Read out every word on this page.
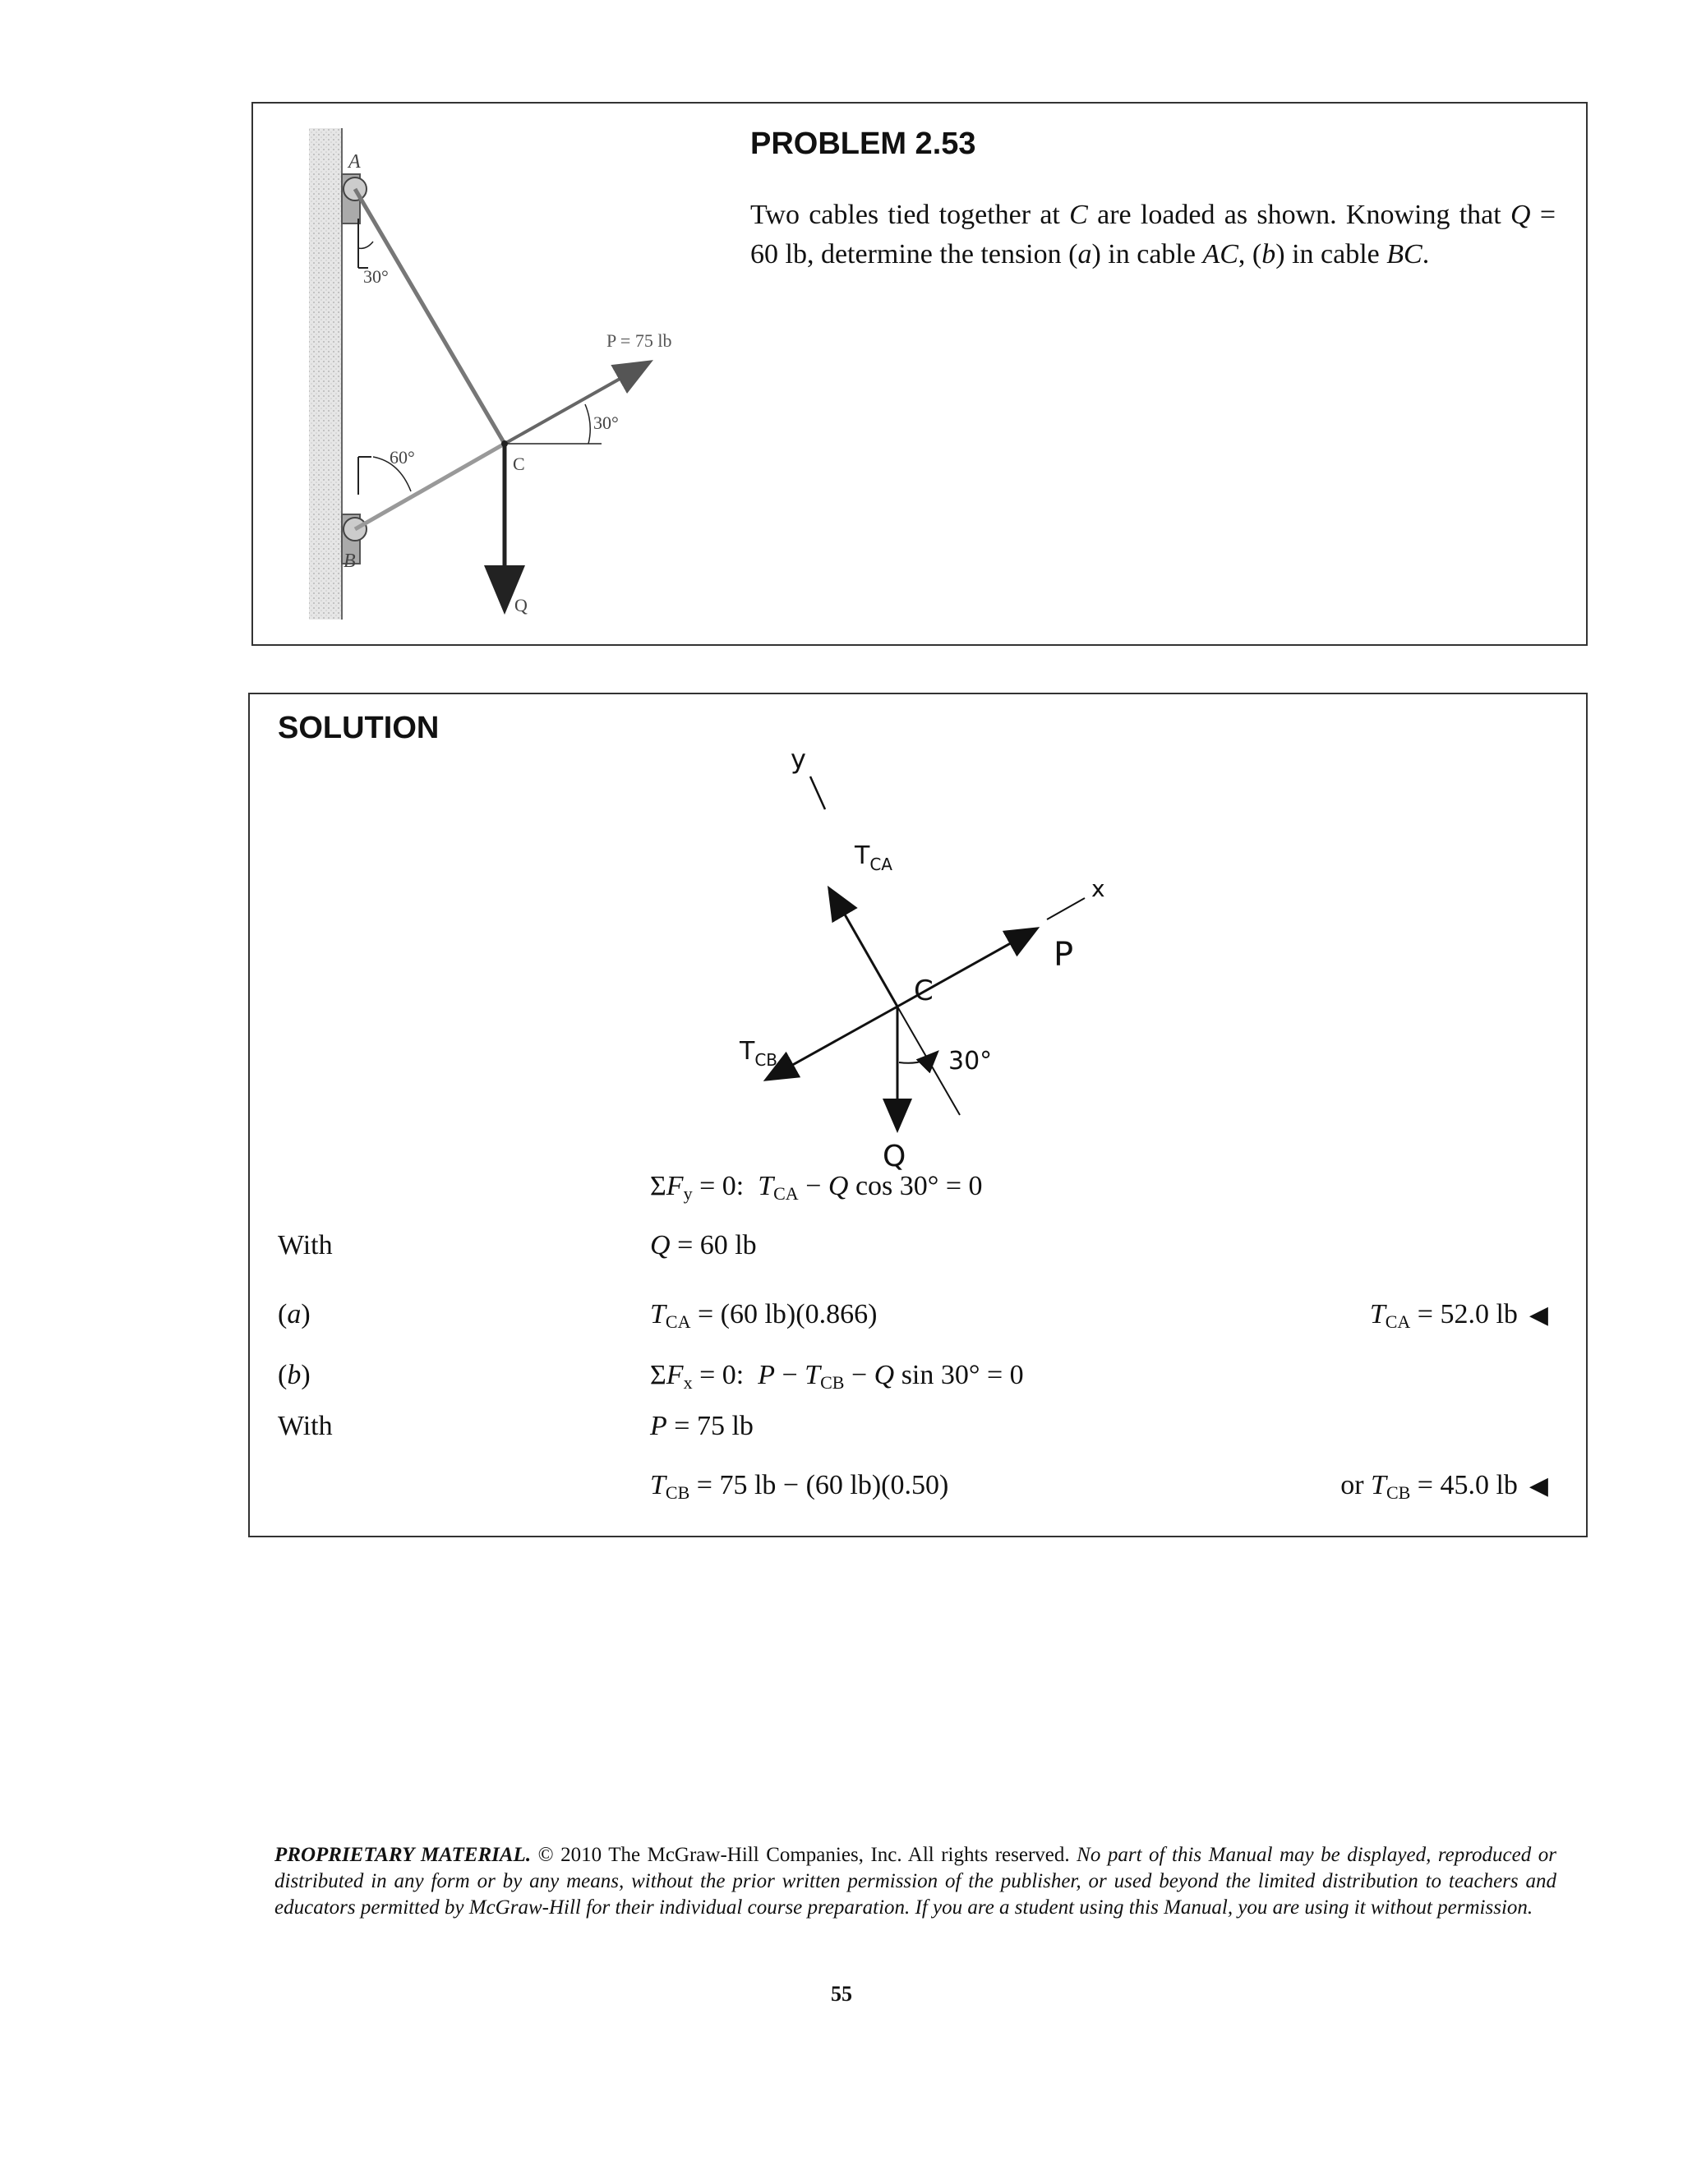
A
30°
60°
B
C
Q
30°
P = 75 lb
PROBLEM 2.53
Two cables tied together at C are loaded as shown. Knowing that Q = 60 lb, determine the tension (a) in cable AC, (b) in cable BC.
SOLUTION
y
$T_{CA}$
x
P
$T_{CB}$
C
Q
30°
$\Sigma F_y = 0$:  $T_{CA} - Q$ cos 30° = 0
With	Q = 60 lb
(a)	$T_{CA} = (60$ lb)(0.866)	$T_{CA} = 52.0$ lb ◀
(b)	$\Sigma F_x = 0$:  $P - T_{CB} - Q$ sin 30° = 0
With	P = 75 lb
$T_{CB} = 75$ lb − (60 lb)(0.50)	or $T_{CB} = 45.0$ lb ◀
PROPRIETARY MATERIAL. © 2010 The McGraw-Hill Companies, Inc. All rights reserved. No part of this Manual may be displayed, reproduced or distributed in any form or by any means, without the prior written permission of the publisher, or used beyond the limited distribution to teachers and educators permitted by McGraw-Hill for their individual course preparation. If you are a student using this Manual, you are using it without permission.
55
